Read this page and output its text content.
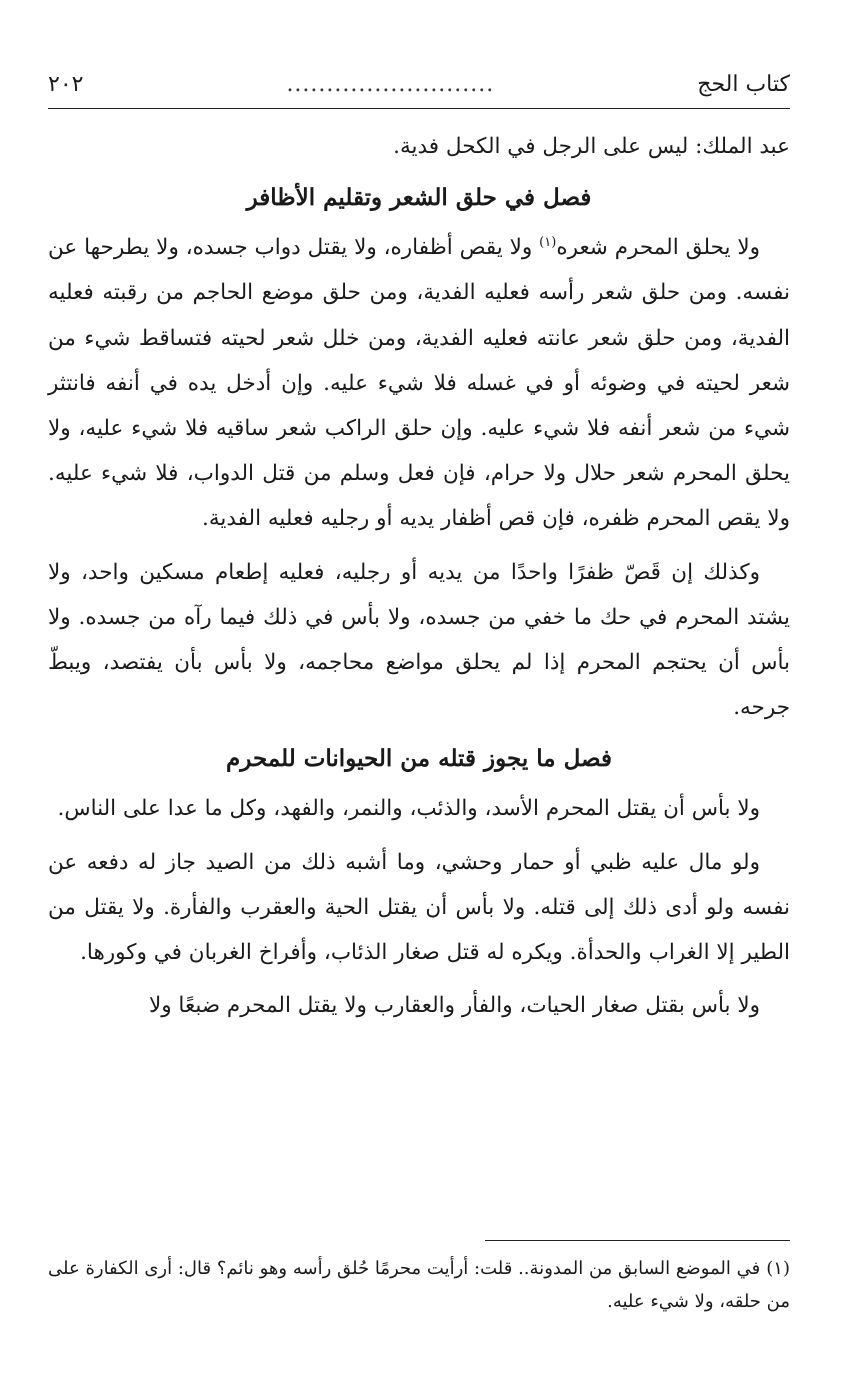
كتاب الحج
..........................
٢٠٢

عبد الملك: ليس على الرجل في الكحل فدية.

فصل في حلق الشعر وتقليم الأظافر

ولا يحلق المحرم شعره$^{(١)}$ ولا يقص أظفاره، ولا يقتل دواب جسده، ولا يطرحها عن نفسه. ومن حلق شعر رأسه فعليه الفدية، ومن حلق موضع الحاجم من رقبته فعليه الفدية، ومن حلق شعر عانته فعليه الفدية، ومن خلل شعر لحيته فتساقط شيء من شعر لحيته في وضوئه أو في غسله فلا شيء عليه. وإن أدخل يده في أنفه فانتثر شيء من شعر أنفه فلا شيء عليه. وإن حلق الراكب شعر ساقيه فلا شيء عليه، ولا يحلق المحرم شعر حلال ولا حرام، فإن فعل وسلم من قتل الدواب، فلا شيء عليه. ولا يقص المحرم ظفره، فإن قص أظفار يديه أو رجليه فعليه الفدية.

وكذلك إن قَصّ ظفرًا واحدًا من يديه أو رجليه، فعليه إطعام مسكين واحد، ولا يشتد المحرم في حك ما خفي من جسده، ولا بأس في ذلك فيما رآه من جسده. ولا بأس أن يحتجم المحرم إذا لم يحلق مواضع محاجمه، ولا بأس بأن يفتصد، ويبطّ جرحه.

فصل ما يجوز قتله من الحيوانات للمحرم

ولا بأس أن يقتل المحرم الأسد، والذئب، والنمر، والفهد، وكل ما عدا على الناس.

ولو مال عليه ظبي أو حمار وحشي، وما أشبه ذلك من الصيد جاز له دفعه عن نفسه ولو أدى ذلك إلى قتله. ولا بأس أن يقتل الحية والعقرب والفأرة. ولا يقتل من الطير إلا الغراب والحدأة. ويكره له قتل صغار الذئاب، وأفراخ الغربان في وكورها.

ولا بأس بقتل صغار الحيات، والفأر والعقارب ولا يقتل المحرم ضبعًا ولا

(١)في الموضع السابق من المدونة.. قلت: أرأيت محرمًا حُلق رأسه وهو نائم؟ قال: أرى الكفارة على من حلقه، ولا شيء عليه.
